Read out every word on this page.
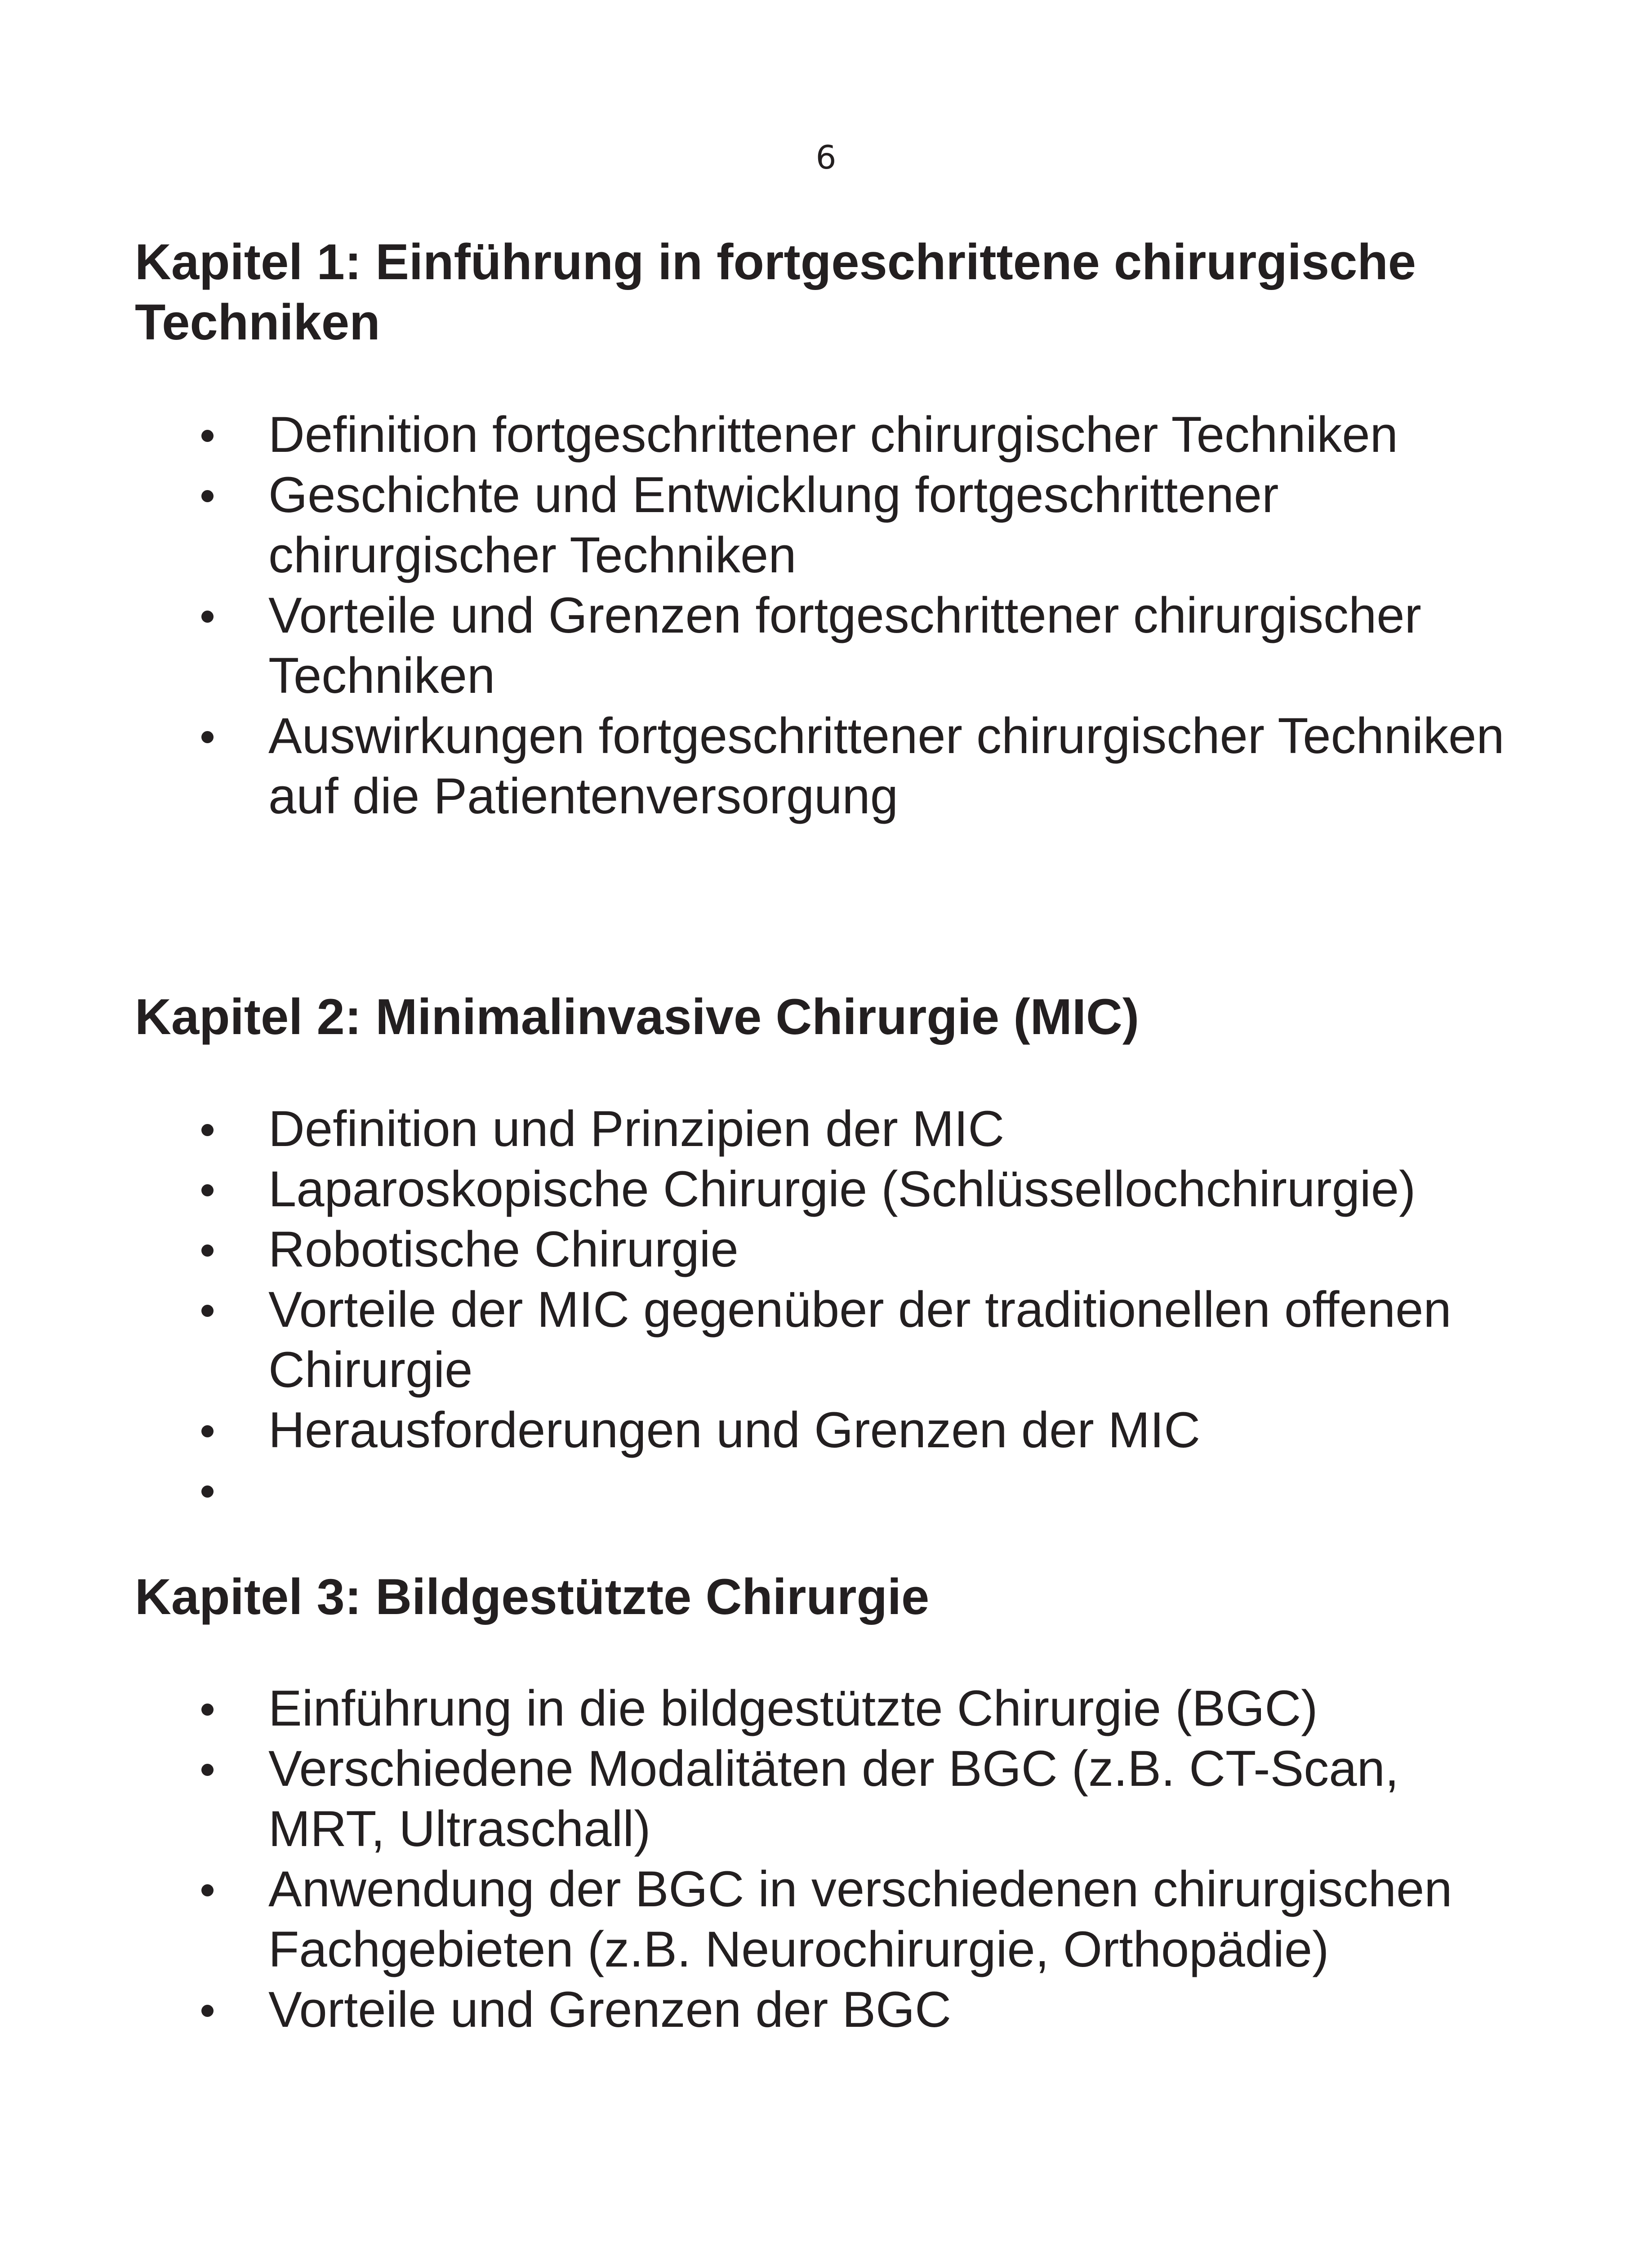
6
Kapitel 1: Einführung in fortgeschrittene chirurgische Techniken
Definition fortgeschrittener chirurgischer Techniken
Geschichte und Entwicklung fortgeschrittener chirurgischer Techniken
Vorteile und Grenzen fortgeschrittener chirurgischer Techniken
Auswirkungen fortgeschrittener chirurgischer Techniken auf die Patientenversorgung
Kapitel 2: Minimalinvasive Chirurgie (MIC)
Definition und Prinzipien der MIC
Laparoskopische Chirurgie (Schlüssellochchirurgie)
Robotische Chirurgie
Vorteile der MIC gegenüber der traditionellen offenen Chirurgie
Herausforderungen und Grenzen der MIC
Kapitel 3: Bildgestützte Chirurgie
Einführung in die bildgestützte Chirurgie (BGC)
Verschiedene Modalitäten der BGC (z.B. CT-Scan, MRT, Ultraschall)
Anwendung der BGC in verschiedenen chirurgischen Fachgebieten (z.B. Neurochirurgie, Orthopädie)
Vorteile und Grenzen der BGC
